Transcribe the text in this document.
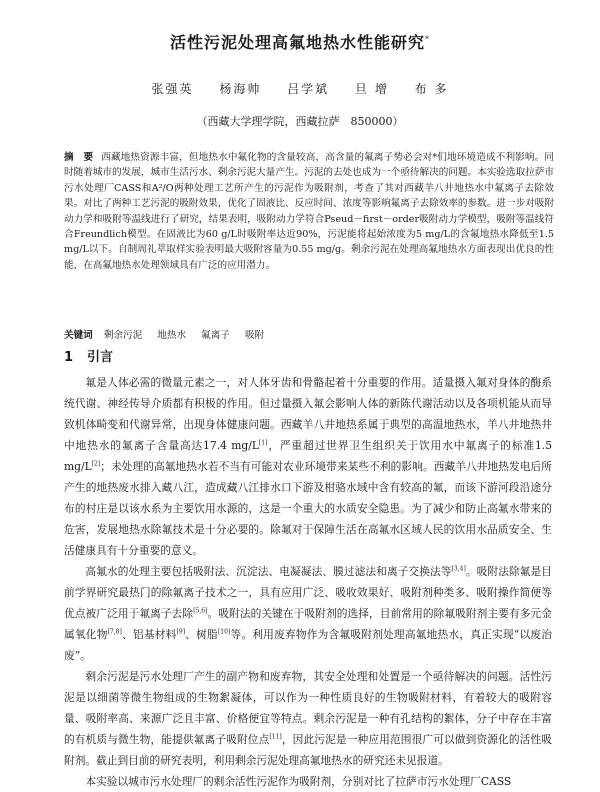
活性污泥处理高氟地热水性能研究*
张强英 杨海帅 吕学斌 旦 增 布 多
（西藏大学理学院，西藏拉萨　850000）
摘　要 西藏地热资源丰富，但地热水中氟化物的含量较高，高含量的氟离子势必会对*们地环境造成不利影响。同时随着城市的发展，城市生活污水、剩余污泥大量产生。污泥的去处也成为一个亟待解决的问题。本实验选取拉萨市污水处理厂CASS和A²/O两种处理工艺所产生的污泥作为吸附剂，考查了其对西藏羊八井地热水中氟离子去除效果。对比了两种工艺污泥的吸附效果，优化了固液比、反应时间、浓度等影响氟离子去除效率的参数。进一步对吸附动力学和吸附等温线进行了研究，结果表明，吸附动力学符合Pseud－first－order吸附动力学模型，吸附等温线符合Freundlich模型。在固液比为60 g/L时吸附率达近90%，污泥能将起始浓度为5 mg/L的含氟地热水降低至1.5 mg/L以下。自制周礼萃取样实验表明最大吸附容量为0.55 mg/g。剩余污泥在处理高氟地热水方面表现出优良的性能，在高氟地热水处理领域具有广泛的应用潜力。
关键词 剩余污泥 地热水 氟离子 吸附
1 引言

氟是人体必需的微量元素之一，对人体牙齿和骨骼起着十分重要的作用。适量摄入氟对身体的酶系统代谢、神经传导介质都有积极的作用。但过量摄入氟会影响人体的新陈代谢活动以及各项机能从而导致机体畸变和代谢异常，出现身体健康问题。西藏羊八井地热系属于典型的高温地热水，羊八井地热井中地热水的氟离子含量高达17.4 mg/L[1]，严重超过世界卫生组织关于饮用水中氟离子的标准1.5 mg/L[2]；未处理的高氟地热水若不当有可能对农业环境带来某些不利的影响。西藏羊八井地热发电后所产生的地热废水排入藏八江，造成藏八江排水口下游及柑骆水域中含有较高的氟，而该下游河段沿途分布的村庄是以该水系为主要饮用水源的，这是一个重大的水质安全隐患。为了减少和防止高氟水带来的危害，发展地热水除氟技术是十分必要的。除氟对于保障生活在高氟水区域人民的饮用水品质安全、生活健康具有十分重要的意义。

高氟水的处理主要包括吸附法、沉淀法、电凝凝法、膜过滤法和离子交换法等[3,4]。吸附法除氟是目前学界研究最热门的除氟离子技术之一，具有应用广泛、吸收效果好、吸附剂种类多、吸附操作简便等优点被广泛用于氟离子去除[5,6]。吸附法的关键在于吸附剂的选择，目前常用的除氟吸附剂主要有多元金属氧化物[7,8]、铝基材料[9]、树脂[10]等。利用废弃物作为含氟吸附剂处理高氟地热水，真正实现“以废治废”。

剩余污泥是污水处理厂产生的副产物和废弃物，其安全处理和处置是一个亟待解决的问题。活性污泥是以细菌等微生物组成的生物絮凝体，可以作为一种性质良好的生物吸附材料，有着较大的吸附容量、吸附率高、来源广泛且丰富、价格便宜等特点。剩余污泥是一种有孔结构的絮体，分子中存在丰富的有机质与微生物，能提供氟离子吸附位点[11]，因此污泥是一种应用范围很广可以做到资源化的活性吸附剂。截止到目前的研究表明，利用剩余污泥处理高氟地热水的研究还未见报道。

本实验以城市污水处理厂的剩余活性污泥作为吸附剂，分别对比了拉萨市污水处理厂CASS
